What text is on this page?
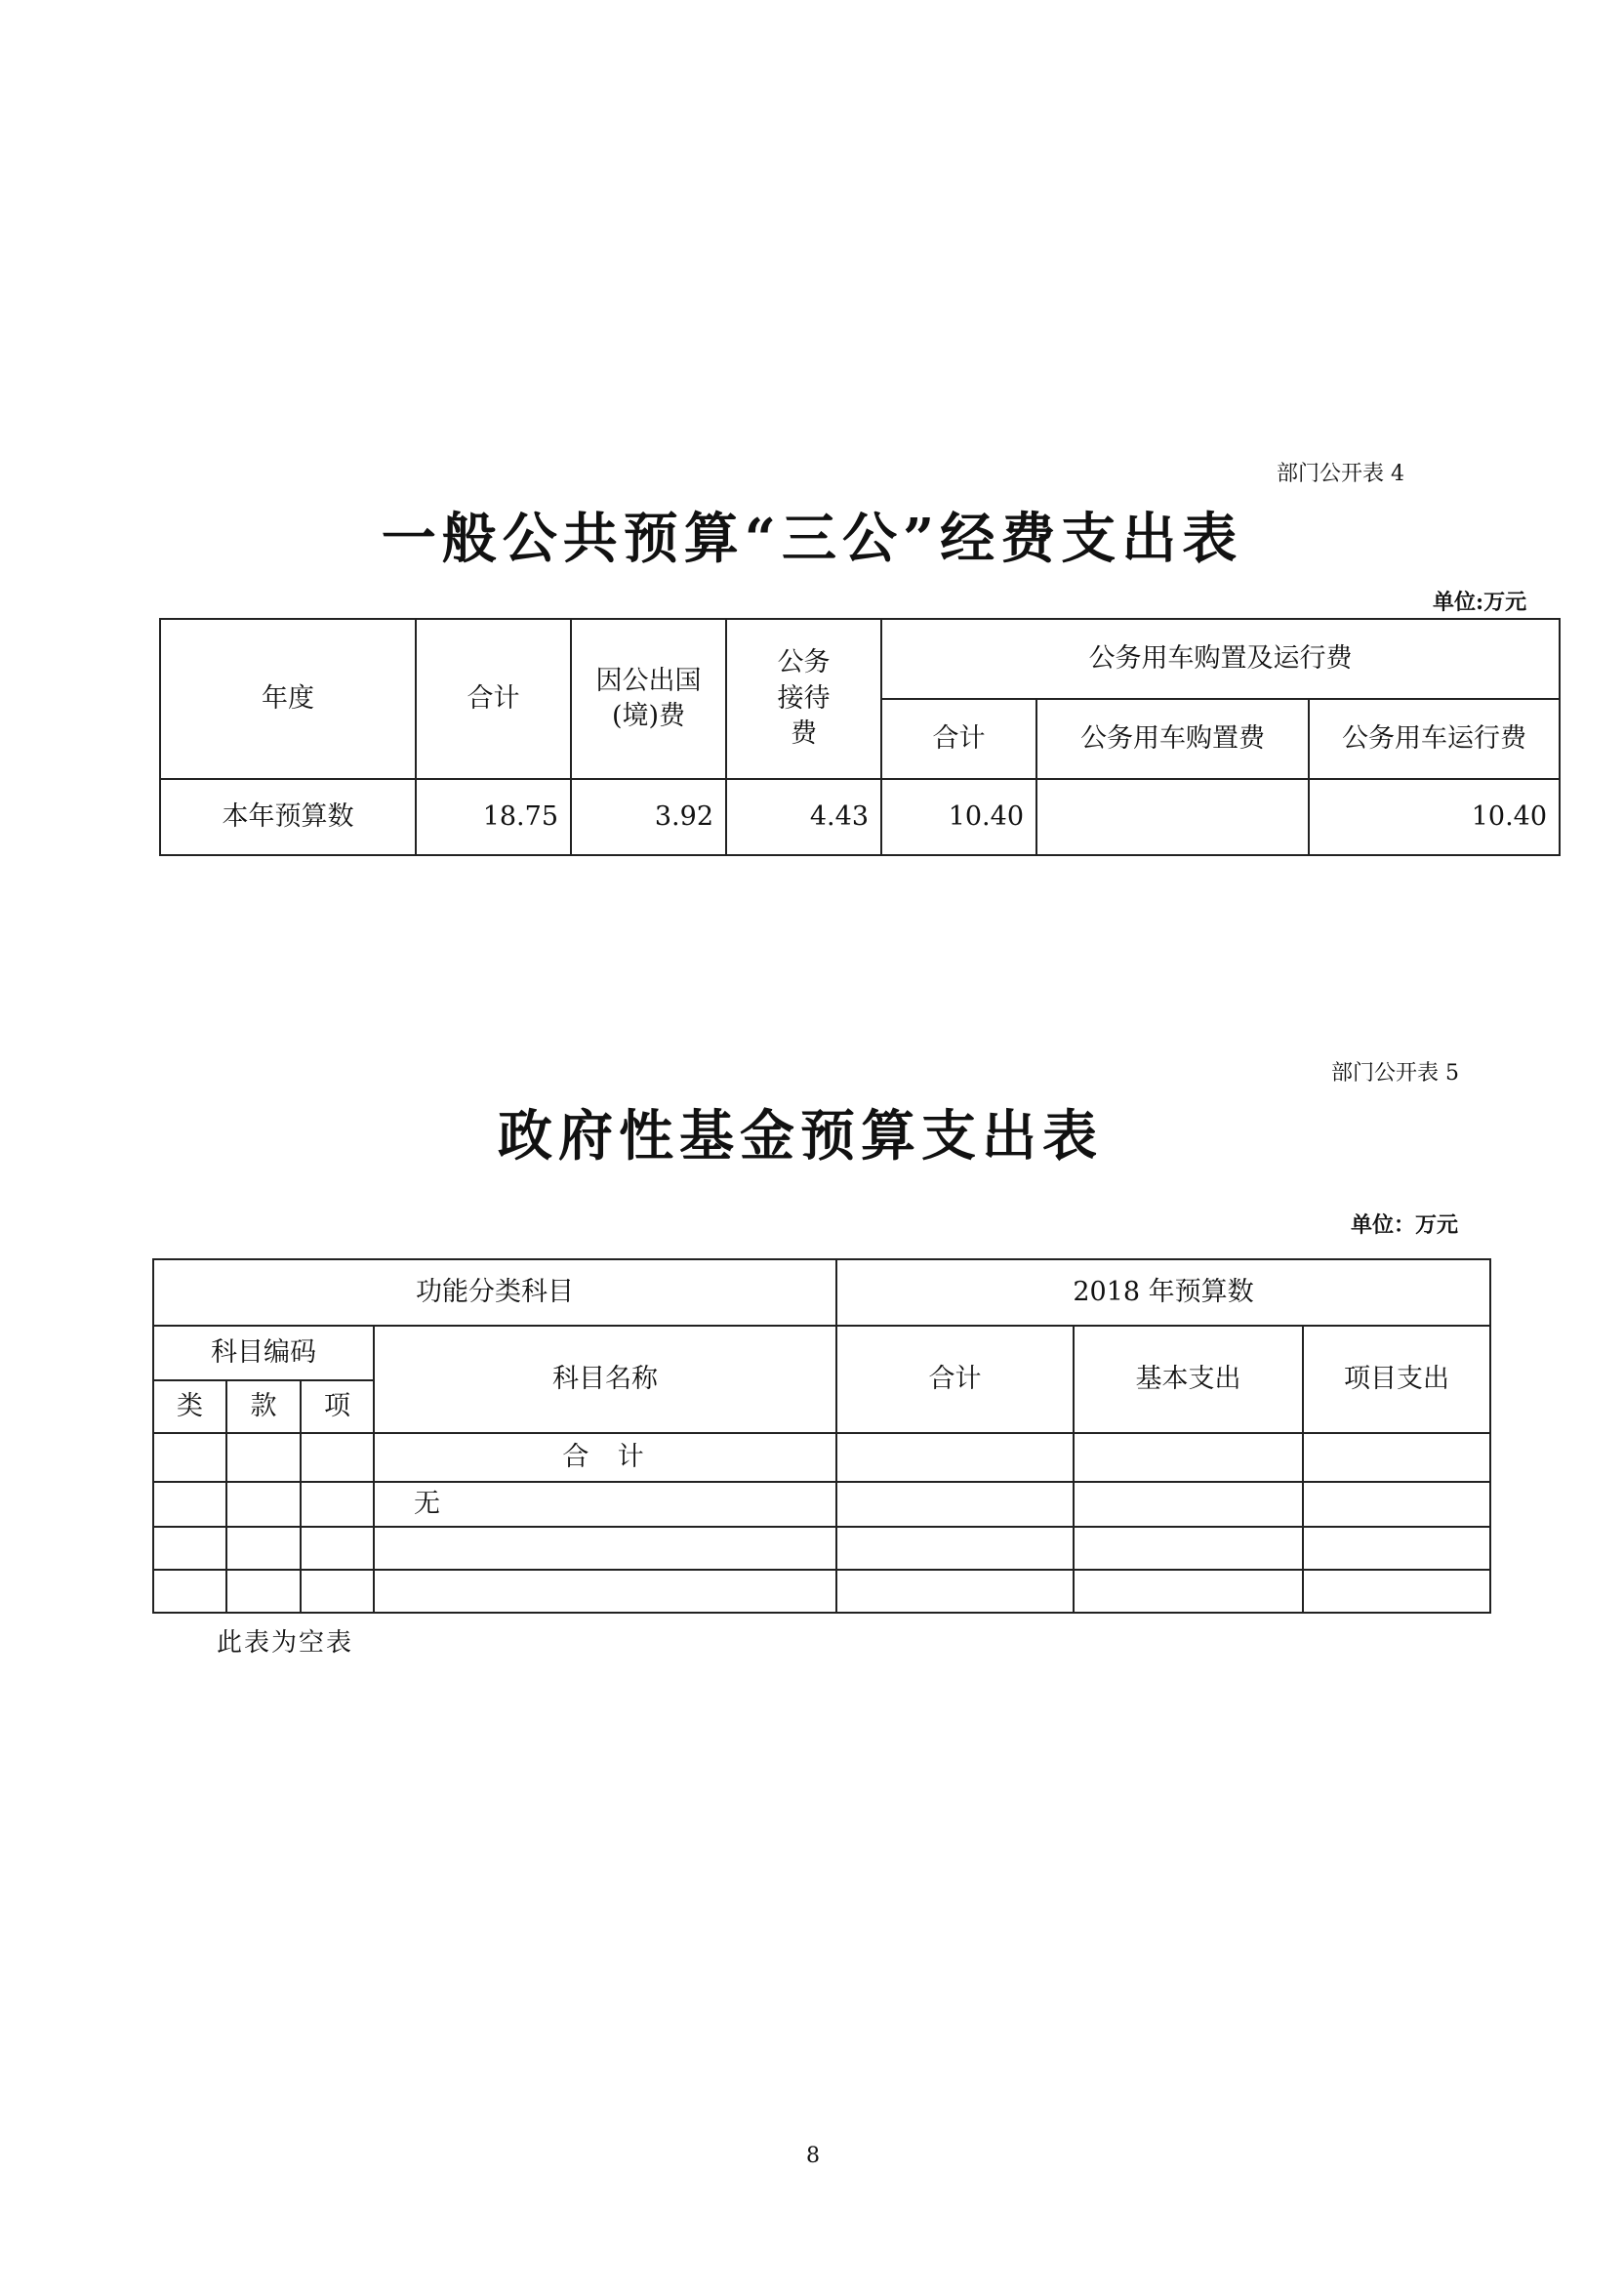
部门公开表 4
一般公共预算“三公”经费支出表
单位:万元
年度	合计	因公出国(境)费	公务接待费	公务用车购置及运行费		
				合计	公务用车购置费	公务用车运行费
本年预算数	18.75	3.92	4.43	10.40		10.40
部门公开表 5
政府性基金预算支出表
单位：万元
功能分类科目				2018 年预算数		
科目编码			科目名称	合计	基本支出	项目支出
类	款	项				
			合  计			
			无			

此表为空表
8
